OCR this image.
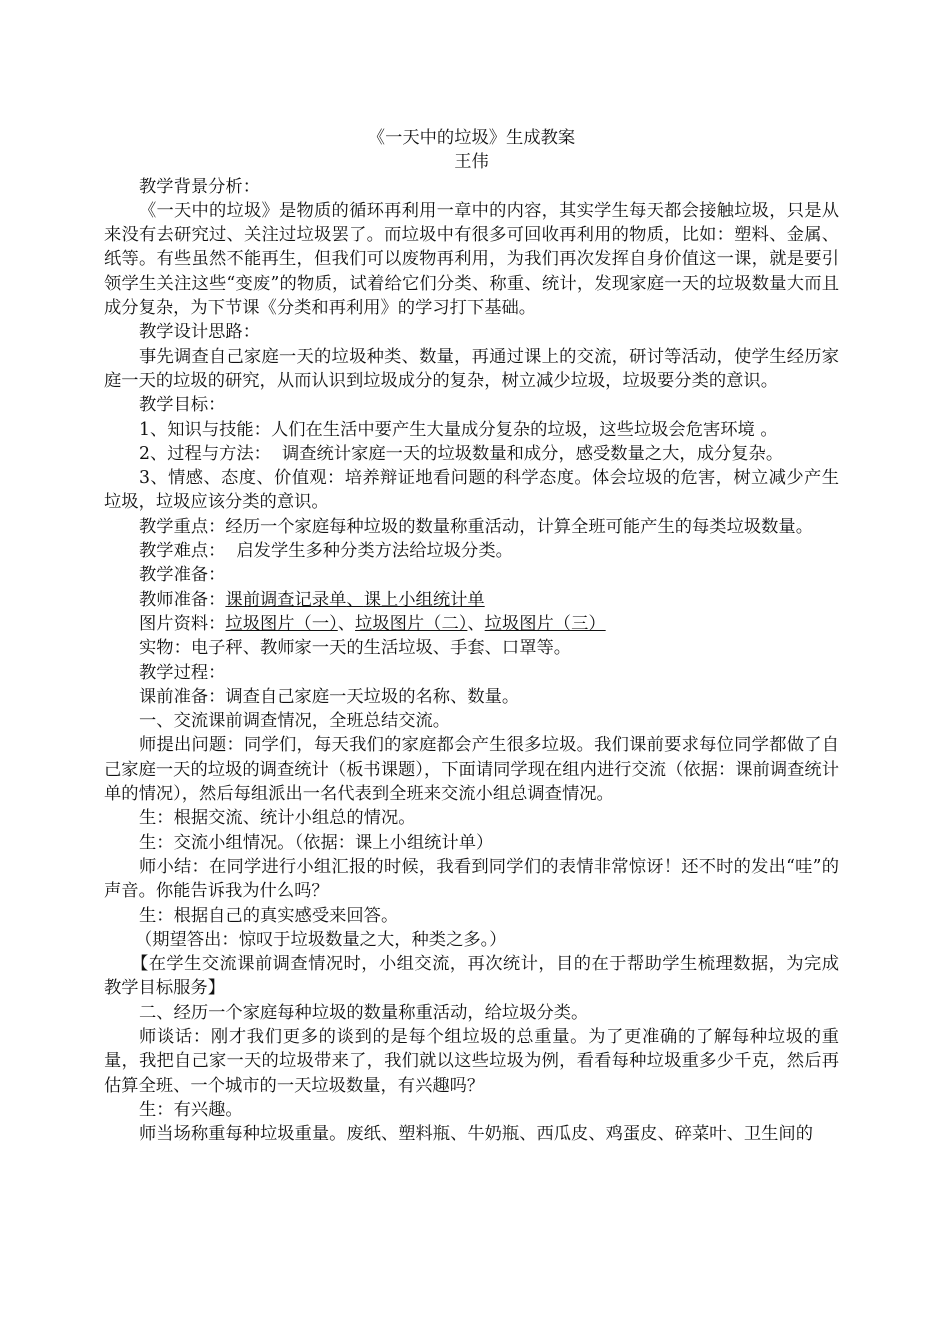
《一天中的垃圾》生成教案

王伟

教学背景分析：

《一天中的垃圾》是物质的循环再利用一章中的内容，其实学生每天都会接触垃圾，只是从来没有去研究过、关注过垃圾罢了。而垃圾中有很多可回收再利用的物质，比如：塑料、金属、纸等。有些虽然不能再生，但我们可以废物再利用，为我们再次发挥自身价值这一课，就是要引领学生关注这些“变废”的物质，试着给它们分类、称重、统计，发现家庭一天的垃圾数量大而且成分复杂，为下节课《分类和再利用》的学习打下基础。

教学设计思路：

事先调查自己家庭一天的垃圾种类、数量，再通过课上的交流，研讨等活动，使学生经历家庭一天的垃圾的研究，从而认识到垃圾成分的复杂，树立减少垃圾，垃圾要分类的意识。

教学目标：

1、知识与技能：人们在生活中要产生大量成分复杂的垃圾，这些垃圾会危害环境 。

2、过程与方法：  调查统计家庭一天的垃圾数量和成分，感受数量之大，成分复杂。

3、情感、态度、价值观：培养辩证地看问题的科学态度。体会垃圾的危害，树立减少产生垃圾，垃圾应该分类的意识。

教学重点：经历一个家庭每种垃圾的数量称重活动，计算全班可能产生的每类垃圾数量。

教学难点：  启发学生多种分类方法给垃圾分类。

教学准备：

教师准备：课前调查记录单、课上小组统计单

图片资料：垃圾图片（一）、垃圾图片（二）、垃圾图片（三）

实物：电子秤、教师家一天的生活垃圾、手套、口罩等。

教学过程：

课前准备：调查自己家庭一天垃圾的名称、数量。

一、交流课前调查情况，全班总结交流。

师提出问题：同学们，每天我们的家庭都会产生很多垃圾。我们课前要求每位同学都做了自己家庭一天的垃圾的调查统计（板书课题），下面请同学现在组内进行交流（依据：课前调查统计单的情况），然后每组派出一名代表到全班来交流小组总调查情况。

生：根据交流、统计小组总的情况。

生：交流小组情况。（依据：课上小组统计单）

师小结：在同学进行小组汇报的时候，我看到同学们的表情非常惊讶！还不时的发出“哇”的声音。你能告诉我为什么吗？

生：根据自己的真实感受来回答。

（期望答出：惊叹于垃圾数量之大，种类之多。）

【在学生交流课前调查情况时，小组交流，再次统计，目的在于帮助学生梳理数据，为完成教学目标服务】

二、经历一个家庭每种垃圾的数量称重活动，给垃圾分类。

师谈话：刚才我们更多的谈到的是每个组垃圾的总重量。为了更准确的了解每种垃圾的重量，我把自己家一天的垃圾带来了，我们就以这些垃圾为例，看看每种垃圾重多少千克，然后再估算全班、一个城市的一天垃圾数量，有兴趣吗？

生：有兴趣。

师当场称重每种垃圾重量。废纸、塑料瓶、牛奶瓶、西瓜皮、鸡蛋皮、碎菜叶、卫生间的
